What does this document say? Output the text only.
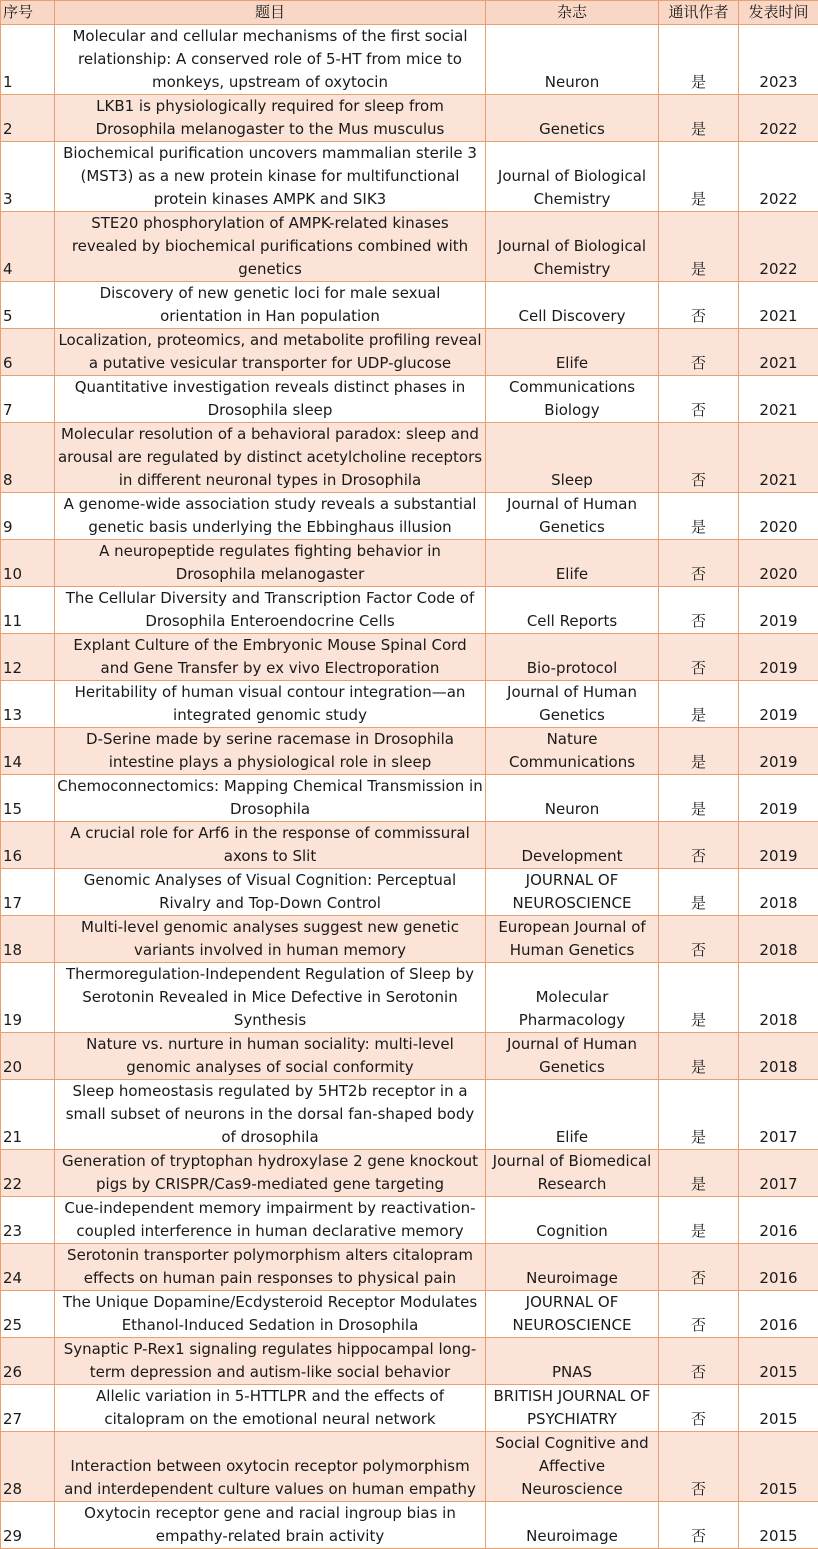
序号	题目	杂志	通讯作者	发表时间
1	Molecular and cellular mechanisms of the first social relationship: A conserved role of 5-HT from mice to monkeys, upstream of oxytocin	Neuron	是	2023
2	LKB1 is physiologically required for sleep from Drosophila melanogaster to the Mus musculus	Genetics	是	2022
3	Biochemical purification uncovers mammalian sterile 3 (MST3) as a new protein kinase for multifunctional protein kinases AMPK and SIK3	Journal of Biological Chemistry	是	2022
4	STE20 phosphorylation of AMPK-related kinases revealed by biochemical purifications combined with genetics	Journal of Biological Chemistry	是	2022
5	Discovery of new genetic loci for male sexual orientation in Han population	Cell Discovery	否	2021
6	Localization, proteomics, and metabolite profiling reveal a putative vesicular transporter for UDP-glucose	Elife	否	2021
7	Quantitative investigation reveals distinct phases in Drosophila sleep	Communications Biology	否	2021
8	Molecular resolution of a behavioral paradox: sleep and arousal are regulated by distinct acetylcholine receptors in different neuronal types in Drosophila	Sleep	否	2021
9	A genome-wide association study reveals a substantial genetic basis underlying the Ebbinghaus illusion	Journal of Human Genetics	是	2020
10	A neuropeptide regulates fighting behavior in Drosophila melanogaster	Elife	否	2020
11	The Cellular Diversity and Transcription Factor Code of Drosophila Enteroendocrine Cells	Cell Reports	否	2019
12	Explant Culture of the Embryonic Mouse Spinal Cord and Gene Transfer by ex vivo Electroporation	Bio-protocol	否	2019
13	Heritability of human visual contour integration—an integrated genomic study	Journal of Human Genetics	是	2019
14	D-Serine made by serine racemase in Drosophila intestine plays a physiological role in sleep	Nature Communications	是	2019
15	Chemoconnectomics: Mapping Chemical Transmission in Drosophila	Neuron	是	2019
16	A crucial role for Arf6 in the response of commissural axons to Slit	Development	否	2019
17	Genomic Analyses of Visual Cognition: Perceptual Rivalry and Top-Down Control	JOURNAL OF NEUROSCIENCE	是	2018
18	Multi-level genomic analyses suggest new genetic variants involved in human memory	European Journal of Human Genetics	否	2018
19	Thermoregulation-Independent Regulation of Sleep by Serotonin Revealed in Mice Defective in Serotonin Synthesis	Molecular Pharmacology	是	2018
20	Nature vs. nurture in human sociality: multi-level genomic analyses of social conformity	Journal of Human Genetics	是	2018
21	Sleep homeostasis regulated by 5HT2b receptor in a small subset of neurons in the dorsal fan-shaped body of drosophila	Elife	是	2017
22	Generation of tryptophan hydroxylase 2 gene knockout pigs by CRISPR/Cas9-mediated gene targeting	Journal of Biomedical Research	是	2017
23	Cue-independent memory impairment by reactivation-coupled interference in human declarative memory	Cognition	是	2016
24	Serotonin transporter polymorphism alters citalopram effects on human pain responses to physical pain	Neuroimage	否	2016
25	The Unique Dopamine/Ecdysteroid Receptor Modulates Ethanol-Induced Sedation in Drosophila	JOURNAL OF NEUROSCIENCE	否	2016
26	Synaptic P-Rex1 signaling regulates hippocampal long-term depression and autism-like social behavior	PNAS	否	2015
27	Allelic variation in 5-HTTLPR and the effects of citalopram on the emotional neural network	BRITISH JOURNAL OF PSYCHIATRY	否	2015
28	Interaction between oxytocin receptor polymorphism and interdependent culture values on human empathy	Social Cognitive and Affective Neuroscience	否	2015
29	Oxytocin receptor gene and racial ingroup bias in empathy-related brain activity	Neuroimage	否	2015
